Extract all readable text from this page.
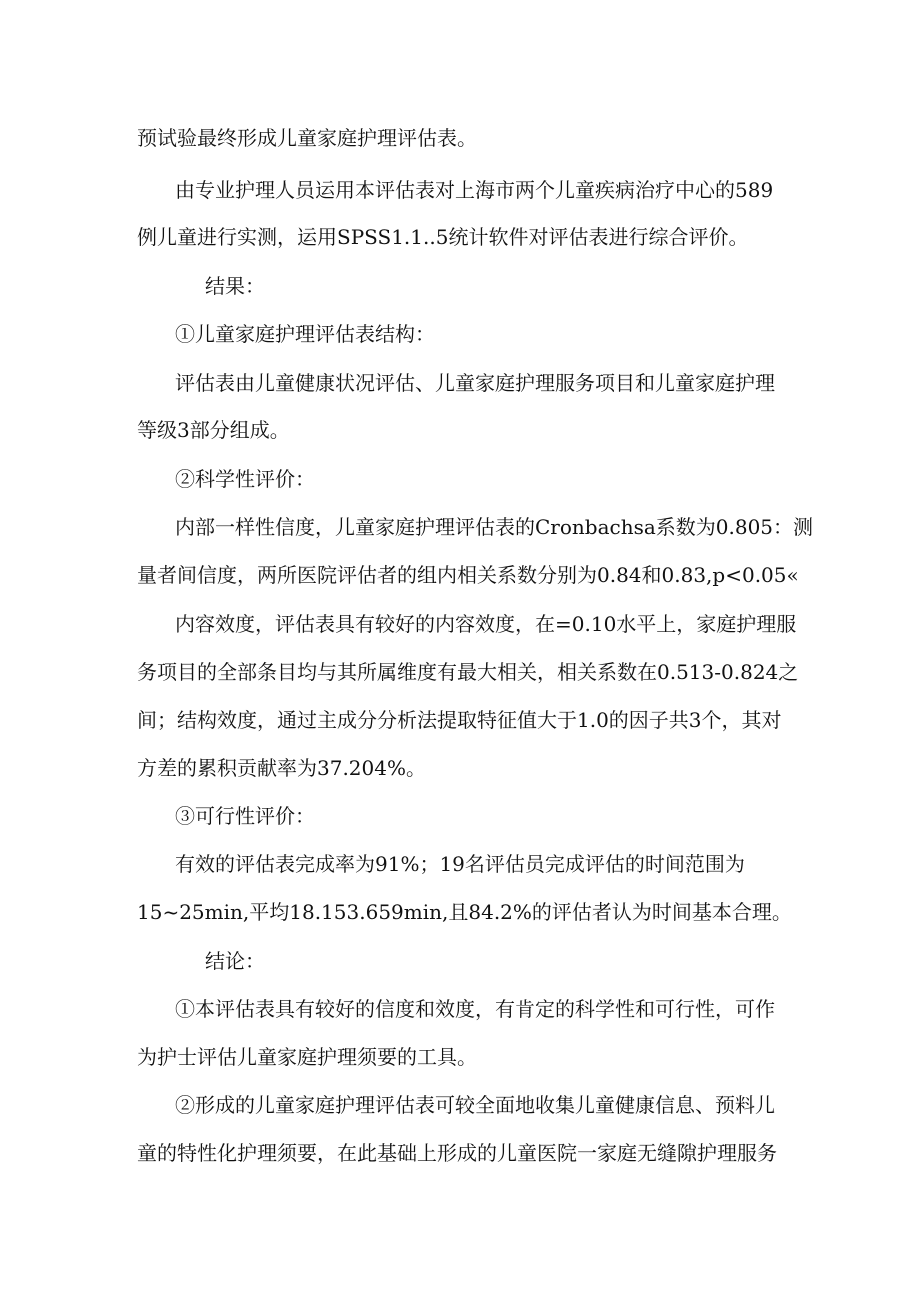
预试验最终形成儿童家庭护理评估表。
由专业护理人员运用本评估表对上海市两个儿童疾病治疗中心的589
例儿童进行实测，运用SPSS1.1..5统计软件对评估表进行综合评价。
结果：
①儿童家庭护理评估表结构：
评估表由儿童健康状况评估、儿童家庭护理服务项目和儿童家庭护理
等级3部分组成。
②科学性评价：
内部一样性信度，儿童家庭护理评估表的Cronbachsa系数为0.805：测
量者间信度，两所医院评估者的组内相关系数分别为0.84和0.83,p<0.05«
内容效度，评估表具有较好的内容效度，在=0.10水平上，家庭护理服
务项目的全部条目均与其所属维度有最大相关，相关系数在0.513-0.824之
间；结构效度，通过主成分分析法提取特征值大于1.0的因子共3个，其对
方差的累积贡献率为37.204%。
③可行性评价：
有效的评估表完成率为91%；19名评估员完成评估的时间范围为
15~25min,平均18.153.659min,且84.2%的评估者认为时间基本合理。
结论：
①本评估表具有较好的信度和效度，有肯定的科学性和可行性，可作
为护士评估儿童家庭护理须要的工具。
②形成的儿童家庭护理评估表可较全面地收集儿童健康信息、预料儿
童的特性化护理须要，在此基础上形成的儿童医院一家庭无缝隙护理服务
